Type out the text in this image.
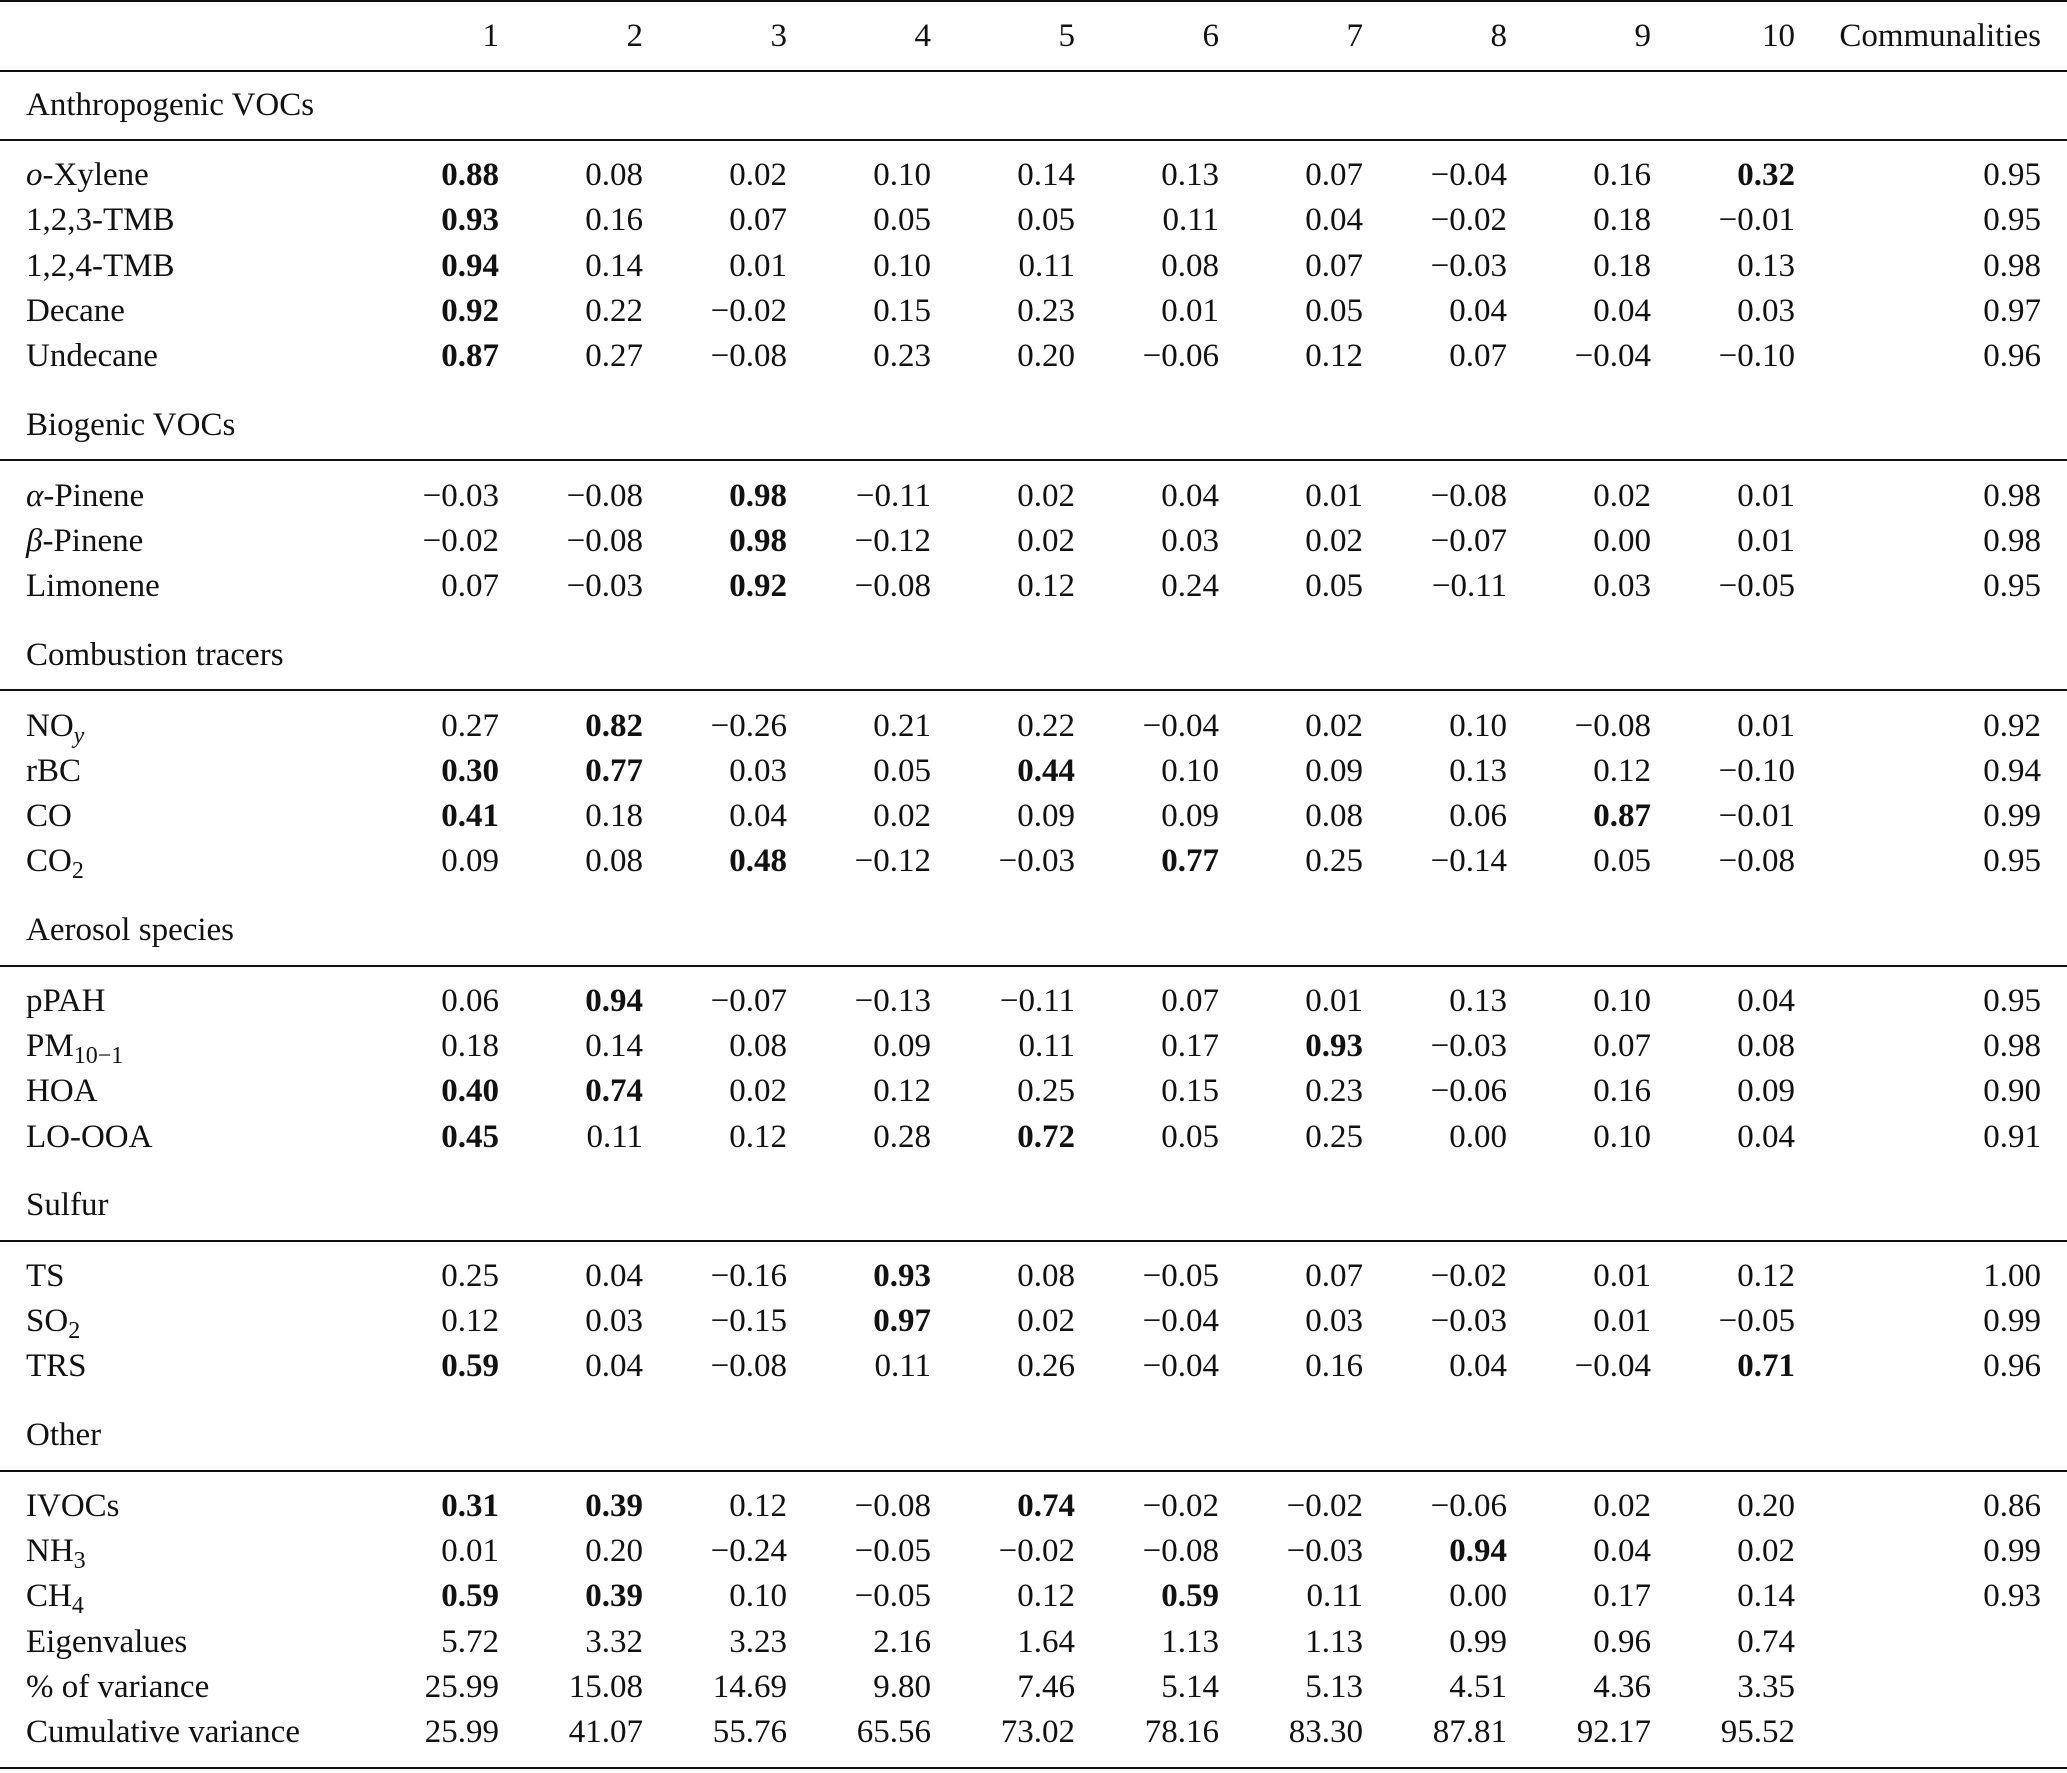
	1	2	3	4	5	6	7	8	9	10	Communalities
Anthropogenic VOCs											
o-Xylene	0.88	0.08	0.02	0.10	0.14	0.13	0.07	−0.04	0.16	0.32	0.95
1,2,3-TMB	0.93	0.16	0.07	0.05	0.05	0.11	0.04	−0.02	0.18	−0.01	0.95
1,2,4-TMB	0.94	0.14	0.01	0.10	0.11	0.08	0.07	−0.03	0.18	0.13	0.98
Decane	0.92	0.22	−0.02	0.15	0.23	0.01	0.05	0.04	0.04	0.03	0.97
Undecane	0.87	0.27	−0.08	0.23	0.20	−0.06	0.12	0.07	−0.04	−0.10	0.96
Biogenic VOCs											
α-Pinene	−0.03	−0.08	0.98	−0.11	0.02	0.04	0.01	−0.08	0.02	0.01	0.98
β-Pinene	−0.02	−0.08	0.98	−0.12	0.02	0.03	0.02	−0.07	0.00	0.01	0.98
Limonene	0.07	−0.03	0.92	−0.08	0.12	0.24	0.05	−0.11	0.03	−0.05	0.95
Combustion tracers											
$NO_y$	0.27	0.82	−0.26	0.21	0.22	−0.04	0.02	0.10	−0.08	0.01	0.92
rBC	0.30	0.77	0.03	0.05	0.44	0.10	0.09	0.13	0.12	−0.10	0.94
CO	0.41	0.18	0.04	0.02	0.09	0.09	0.08	0.06	0.87	−0.01	0.99
$CO_2$	0.09	0.08	0.48	−0.12	−0.03	0.77	0.25	−0.14	0.05	−0.08	0.95
Aerosol species											
pPAH	0.06	0.94	−0.07	−0.13	−0.11	0.07	0.01	0.13	0.10	0.04	0.95
$PM_{10-1}$	0.18	0.14	0.08	0.09	0.11	0.17	0.93	−0.03	0.07	0.08	0.98
HOA	0.40	0.74	0.02	0.12	0.25	0.15	0.23	−0.06	0.16	0.09	0.90
LO-OOA	0.45	0.11	0.12	0.28	0.72	0.05	0.25	0.00	0.10	0.04	0.91
Sulfur											
TS	0.25	0.04	−0.16	0.93	0.08	−0.05	0.07	−0.02	0.01	0.12	1.00
$SO_2$	0.12	0.03	−0.15	0.97	0.02	−0.04	0.03	−0.03	0.01	−0.05	0.99
TRS	0.59	0.04	−0.08	0.11	0.26	−0.04	0.16	0.04	−0.04	0.71	0.96
Other											
IVOCs	0.31	0.39	0.12	−0.08	0.74	−0.02	−0.02	−0.06	0.02	0.20	0.86
$NH_3$	0.01	0.20	−0.24	−0.05	−0.02	−0.08	−0.03	0.94	0.04	0.02	0.99
$CH_4$	0.59	0.39	0.10	−0.05	0.12	0.59	0.11	0.00	0.17	0.14	0.93
Eigenvalues	5.72	3.32	3.23	2.16	1.64	1.13	1.13	0.99	0.96	0.74	
% of variance	25.99	15.08	14.69	9.80	7.46	5.14	5.13	4.51	4.36	3.35	
Cumulative variance	25.99	41.07	55.76	65.56	73.02	78.16	83.30	87.81	92.17	95.52	
